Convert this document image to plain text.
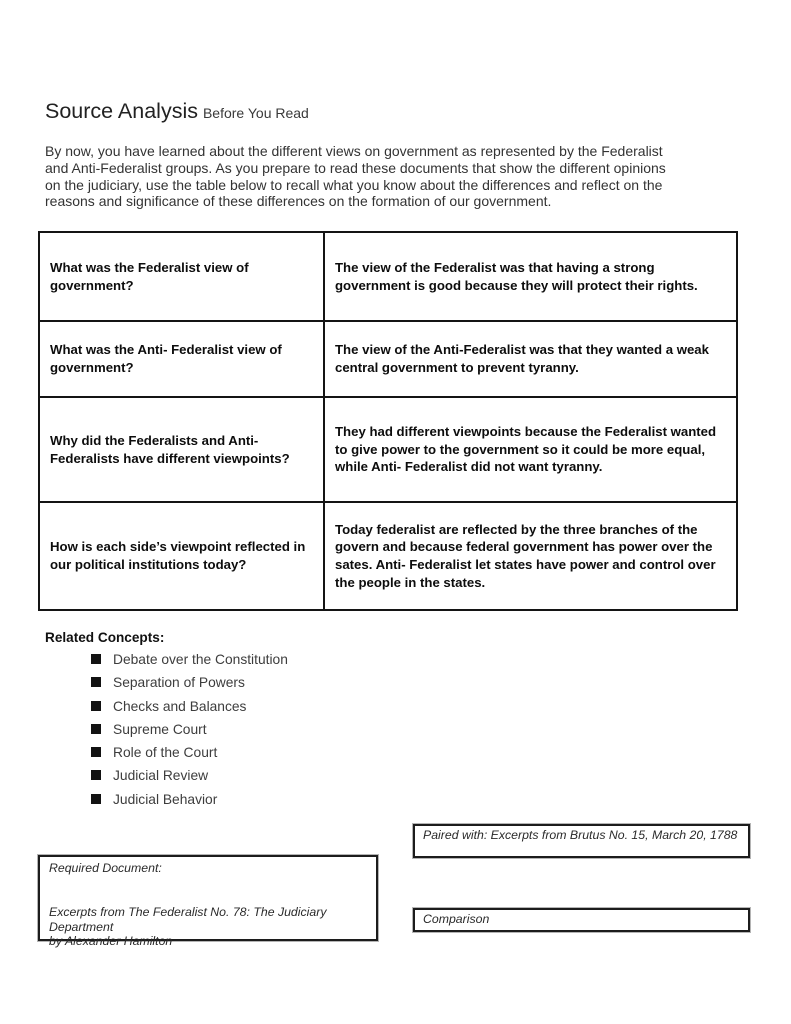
Source Analysis Before You Read
By now, you have learned about the different views on government as represented by the Federalist
and Anti-Federalist groups. As you prepare to read these documents that show the different opinions
on the judiciary, use the table below to recall what you know about the differences and reflect on the
reasons and significance of these differences on the formation of our government.
What was the Federalist view of government?	The view of the Federalist was that having a strong government is good because they will protect their rights.
What was the Anti- Federalist view of government?	The view of the Anti-Federalist was that they wanted a weak central government to prevent tyranny.
Why did the Federalists and Anti-Federalists have different viewpoints?	They had different viewpoints because the Federalist wanted to give power to the government so it could be more equal, while Anti- Federalist did not want tyranny.
How is each side’s viewpoint reflected in our political institutions today?	Today federalist are reflected by the three branches of the govern and because federal government has power over the sates. Anti- Federalist let states have power and control over the people in the states.
Related Concepts:
Debate over the Constitution
Separation of Powers
Checks and Balances
Supreme Court
Role of the Court
Judicial Review
Judicial Behavior
Paired with: Excerpts from Brutus No. 15, March 20, 1788
Required Document:
Excerpts from The Federalist No. 78: The Judiciary Department
by Alexander Hamilton
Comparison
